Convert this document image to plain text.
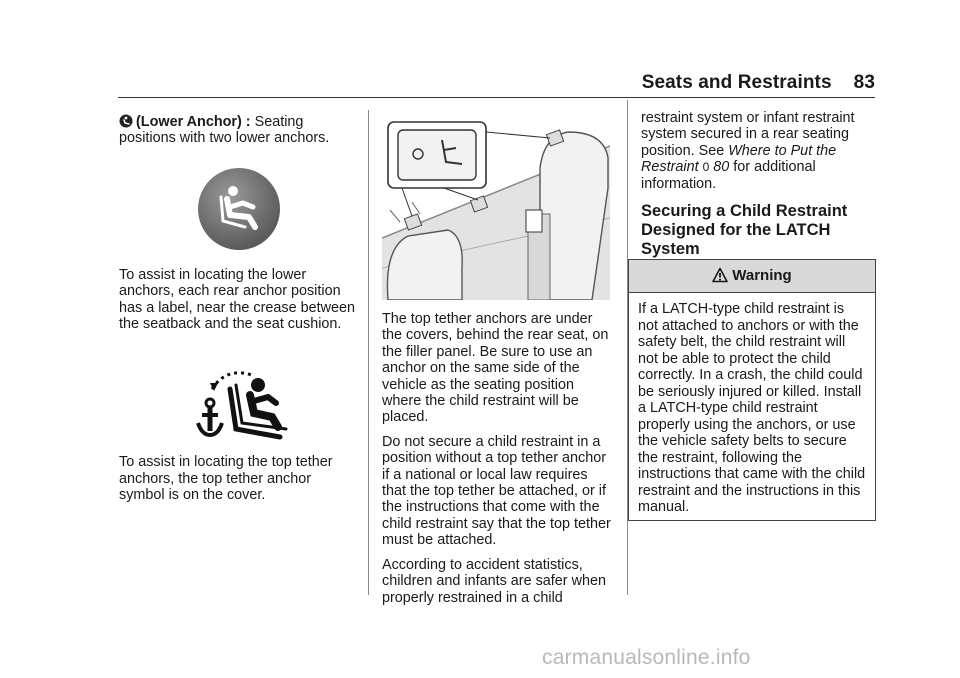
Seats and Restraints 83

(Lower Anchor) : Seating positions with two lower anchors.

To assist in locating the lower anchors, each rear anchor position has a label, near the crease between the seatback and the seat cushion.

To assist in locating the top tether anchors, the top tether anchor symbol is on the cover.

The top tether anchors are under the covers, behind the rear seat, on the filler panel. Be sure to use an anchor on the same side of the vehicle as the seating position where the child restraint will be placed.

Do not secure a child restraint in a position without a top tether anchor if a national or local law requires that the top tether be attached, or if the instructions that come with the child restraint say that the top tether must be attached.

According to accident statistics, children and infants are safer when properly restrained in a child

restraint system or infant restraint system secured in a rear seating position. See Where to Put the Restraint 0 80 for additional information.

Securing a Child Restraint Designed for the LATCH System
Warning
If a LATCH-type child restraint is not attached to anchors or with the safety belt, the child restraint will not be able to protect the child correctly. In a crash, the child could be seriously injured or killed. Install a LATCH-type child restraint properly using the anchors, or use the vehicle safety belts to secure the restraint, following the instructions that came with the child restraint and the instructions in this manual.
carmanualsonline.info
